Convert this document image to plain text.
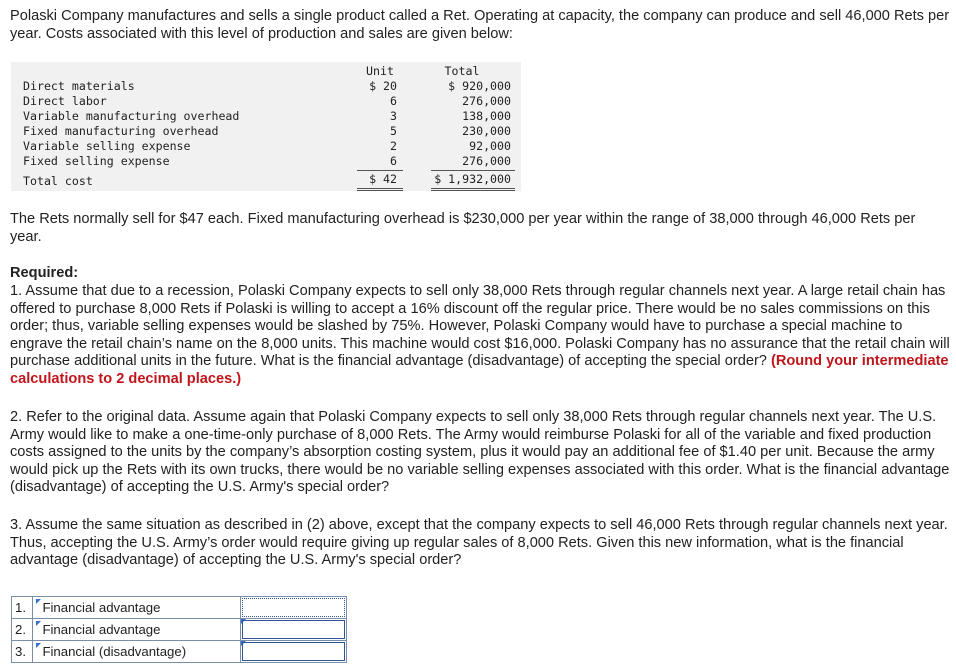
Polaski Company manufactures and sells a single product called a Ret. Operating at capacity, the company can produce and sell 46,000 Rets per year. Costs associated with this level of production and sales are given below:

Unit	Total
Direct materials	$ 20	$ 920,000
Direct labor	6	276,000
Variable manufacturing overhead	3	138,000
Fixed manufacturing overhead	5	230,000
Variable selling expense	2	92,000
Fixed selling expense	6	276,000
Total cost	$ 42	$ 1,932,000

The Rets normally sell for $47 each. Fixed manufacturing overhead is $230,000 per year within the range of 38,000 through 46,000 Rets per year.

Required:

1. Assume that due to a recession, Polaski Company expects to sell only 38,000 Rets through regular channels next year. A large retail chain has offered to purchase 8,000 Rets if Polaski is willing to accept a 16% discount off the regular price. There would be no sales commissions on this order; thus, variable selling expenses would be slashed by 75%. However, Polaski Company would have to purchase a special machine to engrave the retail chain’s name on the 8,000 units. This machine would cost $16,000. Polaski Company has no assurance that the retail chain will purchase additional units in the future. What is the financial advantage (disadvantage) of accepting the special order? (Round your intermediate calculations to 2 decimal places.)

2. Refer to the original data. Assume again that Polaski Company expects to sell only 38,000 Rets through regular channels next year. The U.S. Army would like to make a one-time-only purchase of 8,000 Rets. The Army would reimburse Polaski for all of the variable and fixed production costs assigned to the units by the company’s absorption costing system, plus it would pay an additional fee of $1.40 per unit. Because the army would pick up the Rets with its own trucks, there would be no variable selling expenses associated with this order. What is the financial advantage (disadvantage) of accepting the U.S. Army's special order?

3. Assume the same situation as described in (2) above, except that the company expects to sell 46,000 Rets through regular channels next year. Thus, accepting the U.S. Army’s order would require giving up regular sales of 8,000 Rets. Given this new information, what is the financial advantage (disadvantage) of accepting the U.S. Army's special order?

1.	Financial advantage	

2.	Financial advantage	

3.	Financial (disadvantage)	
